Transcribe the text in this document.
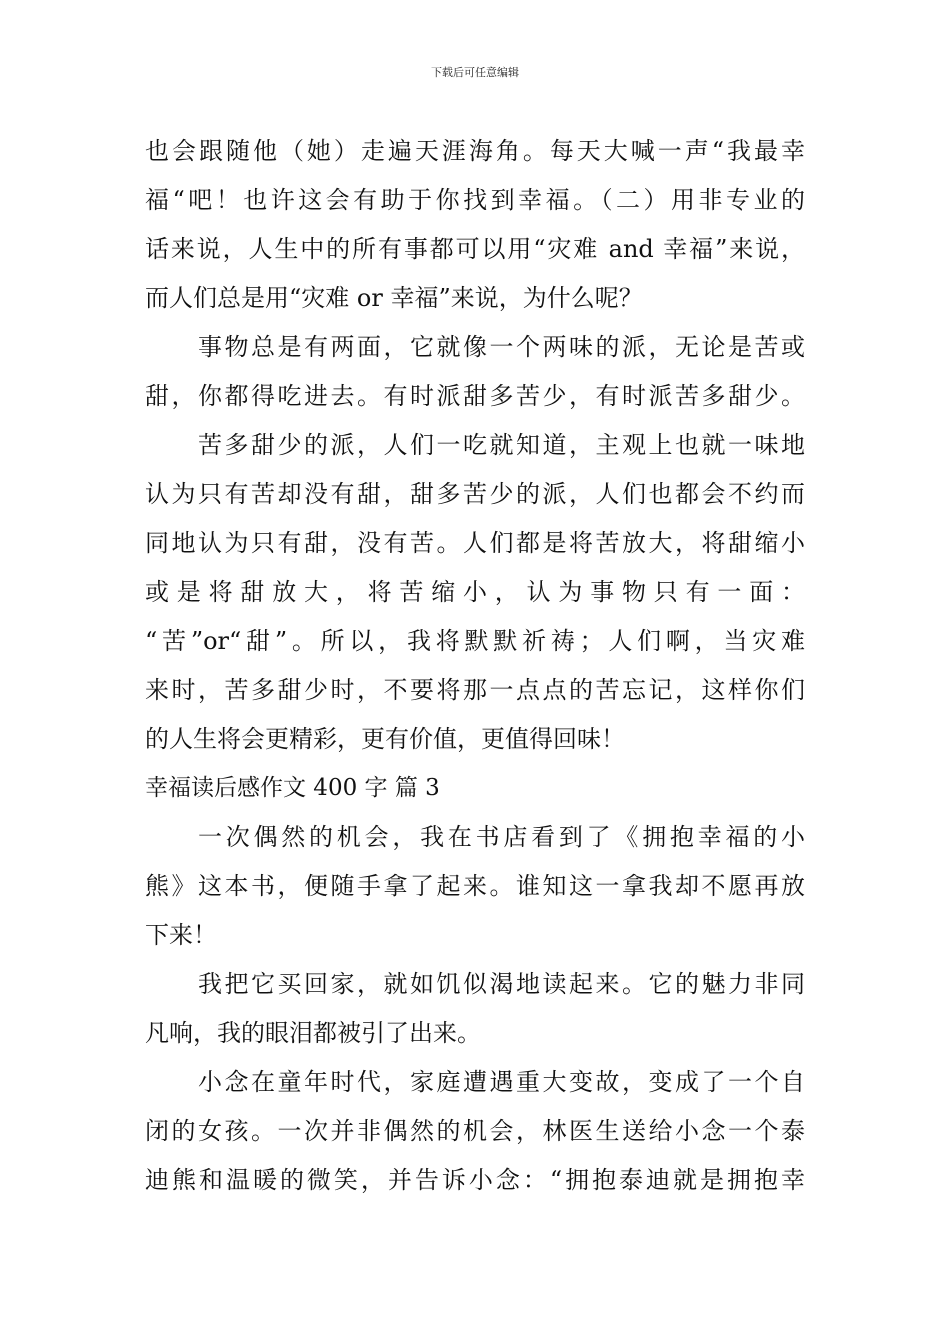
下载后可任意编辑
也会跟随他（她）走遍天涯海角。每天大喊一声“我最幸
福“吧！也许这会有助于你找到幸福。（二）用非专业的
话来说，人生中的所有事都可以用“灾难 and 幸福”来说，
而人们总是用“灾难 or 幸福”来说，为什么呢？
事物总是有两面，它就像一个两味的派，无论是苦或
甜，你都得吃进去。有时派甜多苦少，有时派苦多甜少。
苦多甜少的派，人们一吃就知道，主观上也就一味地
认为只有苦却没有甜，甜多苦少的派，人们也都会不约而
同地认为只有甜，没有苦。人们都是将苦放大，将甜缩小
或是将甜放大，将苦缩小，认为事物只有一面：
“苦”or“甜”。所以，我将默默祈祷；人们啊，当灾难
来时，苦多甜少时，不要将那一点点的苦忘记，这样你们
的人生将会更精彩，更有价值，更值得回味！
幸福读后感作文 400 字 篇 3
一次偶然的机会，我在书店看到了《拥抱幸福的小
熊》这本书，便随手拿了起来。谁知这一拿我却不愿再放
下来！
我把它买回家，就如饥似渴地读起来。它的魅力非同
凡响，我的眼泪都被引了出来。
小念在童年时代，家庭遭遇重大变故，变成了一个自
闭的女孩。一次并非偶然的机会，林医生送给小念一个泰
迪熊和温暖的微笑，并告诉小念：“拥抱泰迪就是拥抱幸
